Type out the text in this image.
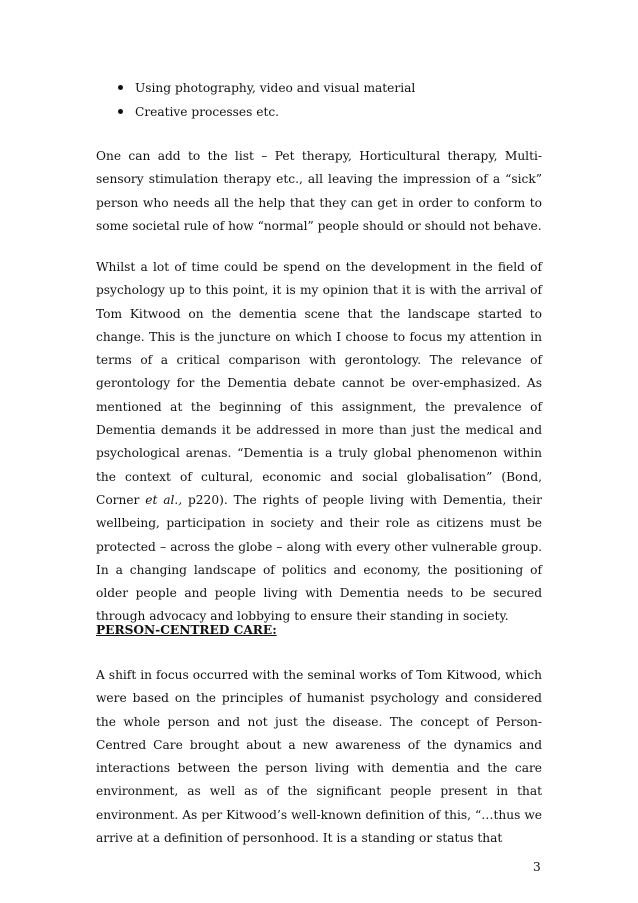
Using photography, video and visual material
Creative processes etc.

One can add to the list – Pet therapy, Horticultural therapy, Multi-sensory stimulation therapy etc., all leaving the impression of a “sick” person who needs all the help that they can get in order to conform to some societal rule of how “normal” people should or should not behave.

Whilst a lot of time could be spend on the development in the field of psychology up to this point, it is my opinion that it is with the arrival of Tom Kitwood on the dementia scene that the landscape started to change. This is the juncture on which I choose to focus my attention in terms of a critical comparison with gerontology. The relevance of gerontology for the Dementia debate cannot be over-emphasized. As mentioned at the beginning of this assignment, the prevalence of Dementia demands it be addressed in more than just the medical and psychological arenas. “Dementia is a truly global phenomenon within the context of cultural, economic and social globalisation” (Bond, Corner et al., p220). The rights of people living with Dementia, their wellbeing, participation in society and their role as citizens must be protected – across the globe – along with every other vulnerable group. In a changing landscape of politics and economy, the positioning of older people and people living with Dementia needs to be secured through advocacy and lobbying to ensure their standing in society.

PERSON-CENTRED CARE:

A shift in focus occurred with the seminal works of Tom Kitwood, which were based on the principles of humanist psychology and considered the whole person and not just the disease. The concept of Person-Centred Care brought about a new awareness of the dynamics and interactions between the person living with dementia and the care environment, as well as of the significant people present in that environment. As per Kitwood’s well-known definition of this, “…thus we arrive at a definition of personhood. It is a standing or status that

3
